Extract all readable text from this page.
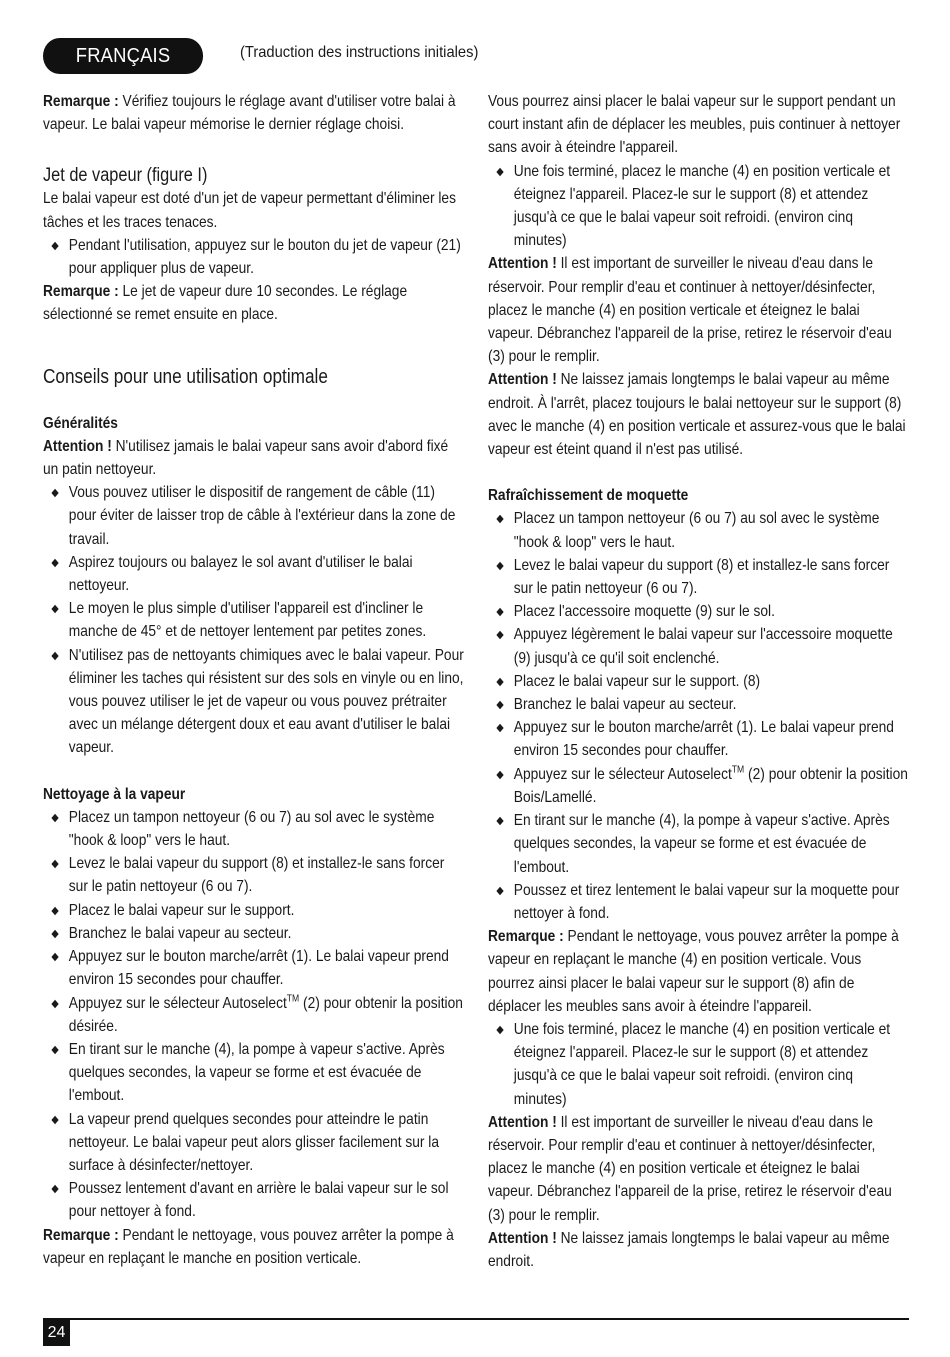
FRANÇAIS	(Traduction des instructions initiales)

Remarque : Vérifiez toujours le réglage avant d'utiliser votre balai à vapeur. Le balai vapeur mémorise le dernier réglage choisi.

Jet de vapeur (figure I)

Le balai vapeur est doté d'un jet de vapeur permettant d'éliminer les tâches et les traces tenaces.

Pendant l'utilisation, appuyez sur le bouton du jet de vapeur (21) pour appliquer plus de vapeur.

Remarque : Le jet de vapeur dure 10 secondes. Le réglage sélectionné se remet ensuite en place.

Conseils pour une utilisation optimale

Généralités

Attention ! N'utilisez jamais le balai vapeur sans avoir d'abord fixé un patin nettoyeur.

Vous pouvez utiliser le dispositif de rangement de câble (11) pour éviter de laisser trop de câble à l'extérieur dans la zone de travail.
Aspirez toujours ou balayez le sol avant d'utiliser le balai nettoyeur.
Le moyen le plus simple d'utiliser l'appareil est d'incliner le manche de 45° et de nettoyer lentement par petites zones.
N'utilisez pas de nettoyants chimiques avec le balai vapeur. Pour éliminer les taches qui résistent sur des sols en vinyle ou en lino, vous pouvez utiliser le jet de vapeur ou vous pouvez prétraiter avec un mélange détergent doux et eau avant d'utiliser le balai vapeur.

Nettoyage à la vapeur

Placez un tampon nettoyeur (6 ou 7) au sol avec le système "hook & loop" vers le haut.
Levez le balai vapeur du support (8) et installez-le sans forcer sur le patin nettoyeur (6 ou 7).
Placez le balai vapeur sur le support.
Branchez le balai vapeur au secteur.
Appuyez sur le bouton marche/arrêt (1). Le balai vapeur prend environ 15 secondes pour chauffer.
Appuyez sur le sélecteur Autoselect™ (2) pour obtenir la position désirée.
En tirant sur le manche (4), la pompe à vapeur s'active. Après quelques secondes, la vapeur se forme et est évacuée de l'embout.
La vapeur prend quelques secondes pour atteindre le patin nettoyeur. Le balai vapeur peut alors glisser facilement sur la surface à désinfecter/nettoyer.
Poussez lentement d'avant en arrière le balai vapeur sur le sol pour nettoyer à fond.

Remarque : Pendant le nettoyage, vous pouvez arrêter la pompe à vapeur en replaçant le manche en position verticale.

Vous pourrez ainsi placer le balai vapeur sur le support pendant un court instant afin de déplacer les meubles, puis continuer à nettoyer sans avoir à éteindre l'appareil.

Une fois terminé, placez le manche (4) en position verticale et éteignez l'appareil. Placez-le sur le support (8) et attendez jusqu'à ce que le balai vapeur soit refroidi. (environ cinq minutes)

Attention ! Il est important de surveiller le niveau d'eau dans le réservoir. Pour remplir d'eau et continuer à nettoyer/désinfecter, placez le manche (4) en position verticale et éteignez le balai vapeur. Débranchez l'appareil de la prise, retirez le réservoir d'eau (3) pour le remplir.

Attention ! Ne laissez jamais longtemps le balai vapeur au même endroit. À l'arrêt, placez toujours le balai nettoyeur sur le support (8) avec le manche (4) en position verticale et assurez-vous que le balai vapeur est éteint quand il n'est pas utilisé.

Rafraîchissement de moquette

Placez un tampon nettoyeur (6 ou 7) au sol avec le système "hook & loop" vers le haut.
Levez le balai vapeur du support (8) et installez-le sans forcer sur le patin nettoyeur (6 ou 7).
Placez l'accessoire moquette (9) sur le sol.
Appuyez légèrement le balai vapeur sur l'accessoire moquette (9) jusqu'à ce qu'il soit enclenché.
Placez le balai vapeur sur le support. (8)
Branchez le balai vapeur au secteur.
Appuyez sur le bouton marche/arrêt (1). Le balai vapeur prend environ 15 secondes pour chauffer.
Appuyez sur le sélecteur Autoselect™ (2) pour obtenir la position Bois/Lamellé.
En tirant sur le manche (4), la pompe à vapeur s'active. Après quelques secondes, la vapeur se forme et est évacuée de l'embout.
Poussez et tirez lentement le balai vapeur sur la moquette pour nettoyer à fond.

Remarque : Pendant le nettoyage, vous pouvez arrêter la pompe à vapeur en replaçant le manche (4) en position verticale. Vous pourrez ainsi placer le balai vapeur sur le support (8) afin de déplacer les meubles sans avoir à éteindre l'appareil.

Une fois terminé, placez le manche (4) en position verticale et éteignez l'appareil. Placez-le sur le support (8) et attendez jusqu'à ce que le balai vapeur soit refroidi. (environ cinq minutes)

Attention ! Il est important de surveiller le niveau d'eau dans le réservoir. Pour remplir d'eau et continuer à nettoyer/désinfecter, placez le manche (4) en position verticale et éteignez le balai vapeur. Débranchez l'appareil de la prise, retirez le réservoir d'eau (3) pour le remplir.

Attention ! Ne laissez jamais longtemps le balai vapeur au même endroit.

24
